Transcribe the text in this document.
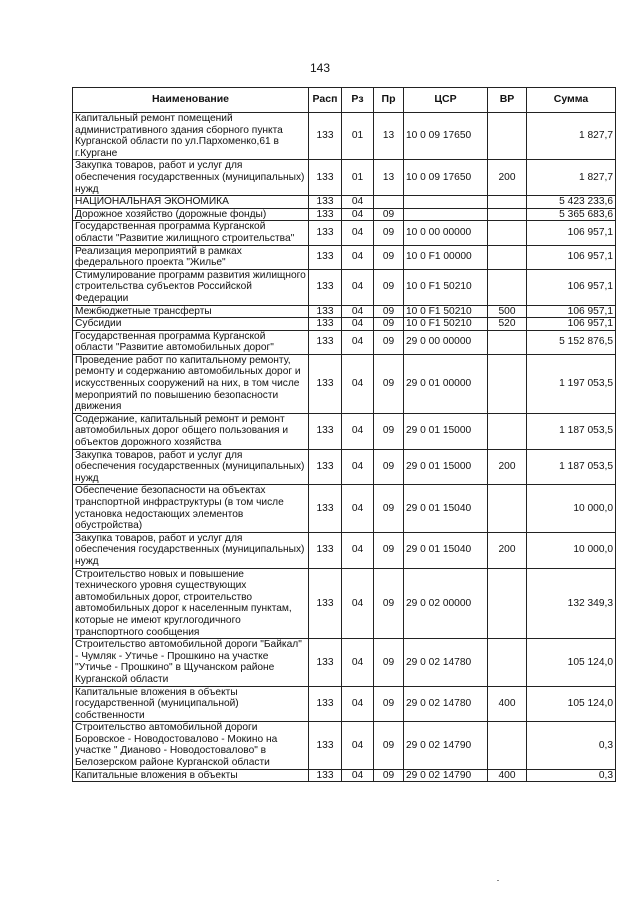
143
Наименование	Расп	Рз	Пр	ЦСР	ВР	Сумма
Капитальный ремонт помещений административного здания сборного пункта Курганской области по ул.Пархоменко,61 в г.Кургане	133	01	13	10 0 09 17650		1 827,7
Закупка товаров, работ и услуг для обеспечения государственных (муниципальных) нужд	133	01	13	10 0 09 17650	200	1 827,7
НАЦИОНАЛЬНАЯ ЭКОНОМИКА	133	04				5 423 233,6
Дорожное хозяйство (дорожные фонды)	133	04	09			5 365 683,6
Государственная программа Курганской области "Развитие жилищного строительства"	133	04	09	10 0 00 00000		106 957,1
Реализация мероприятий в рамках федерального проекта "Жилье"	133	04	09	10 0 F1 00000		106 957,1
Стимулирование программ развития жилищного строительства субъектов Российской Федерации	133	04	09	10 0 F1 50210		106 957,1
Межбюджетные трансферты	133	04	09	10 0 F1 50210	500	106 957,1
Субсидии	133	04	09	10 0 F1 50210	520	106 957,1
Государственная программа Курганской области "Развитие автомобильных дорог"	133	04	09	29 0 00 00000		5 152 876,5
Проведение работ по капитальному ремонту, ремонту и содержанию автомобильных дорог и искусственных сооружений на них, в том числе мероприятий по повышению безопасности движения	133	04	09	29 0 01 00000		1 197 053,5
Содержание, капитальный ремонт и ремонт автомобильных дорог общего пользования и объектов дорожного хозяйства	133	04	09	29 0 01 15000		1 187 053,5
Закупка товаров, работ и услуг для обеспечения государственных (муниципальных) нужд	133	04	09	29 0 01 15000	200	1 187 053,5
Обеспечение безопасности на объектах транспортной инфраструктуры (в том числе установка недостающих элементов обустройства)	133	04	09	29 0 01 15040		10 000,0
Закупка товаров, работ и услуг для обеспечения государственных (муниципальных) нужд	133	04	09	29 0 01 15040	200	10 000,0
Строительство новых и повышение технического уровня существующих автомобильных дорог, строительство автомобильных дорог к населенным пунктам, которые не имеют круглогодичного транспортного сообщения	133	04	09	29 0 02 00000		132 349,3
Строительство автомобильной дороги "Байкал" - Чумляк - Утичье - Прошкино на участке "Утичье - Прошкино" в Щучанском районе Курганской области	133	04	09	29 0 02 14780		105 124,0
Капитальные вложения в объекты государственной (муниципальной) собственности	133	04	09	29 0 02 14780	400	105 124,0
Строительство автомобильной дороги Боровское - Новодостовалово - Мокино на участке " Дианово - Новодостовалово" в Белозерском районе Курганской области	133	04	09	29 0 02 14790		0,3
Капитальные вложения в объекты	133	04	09	29 0 02 14790	400	0,3
